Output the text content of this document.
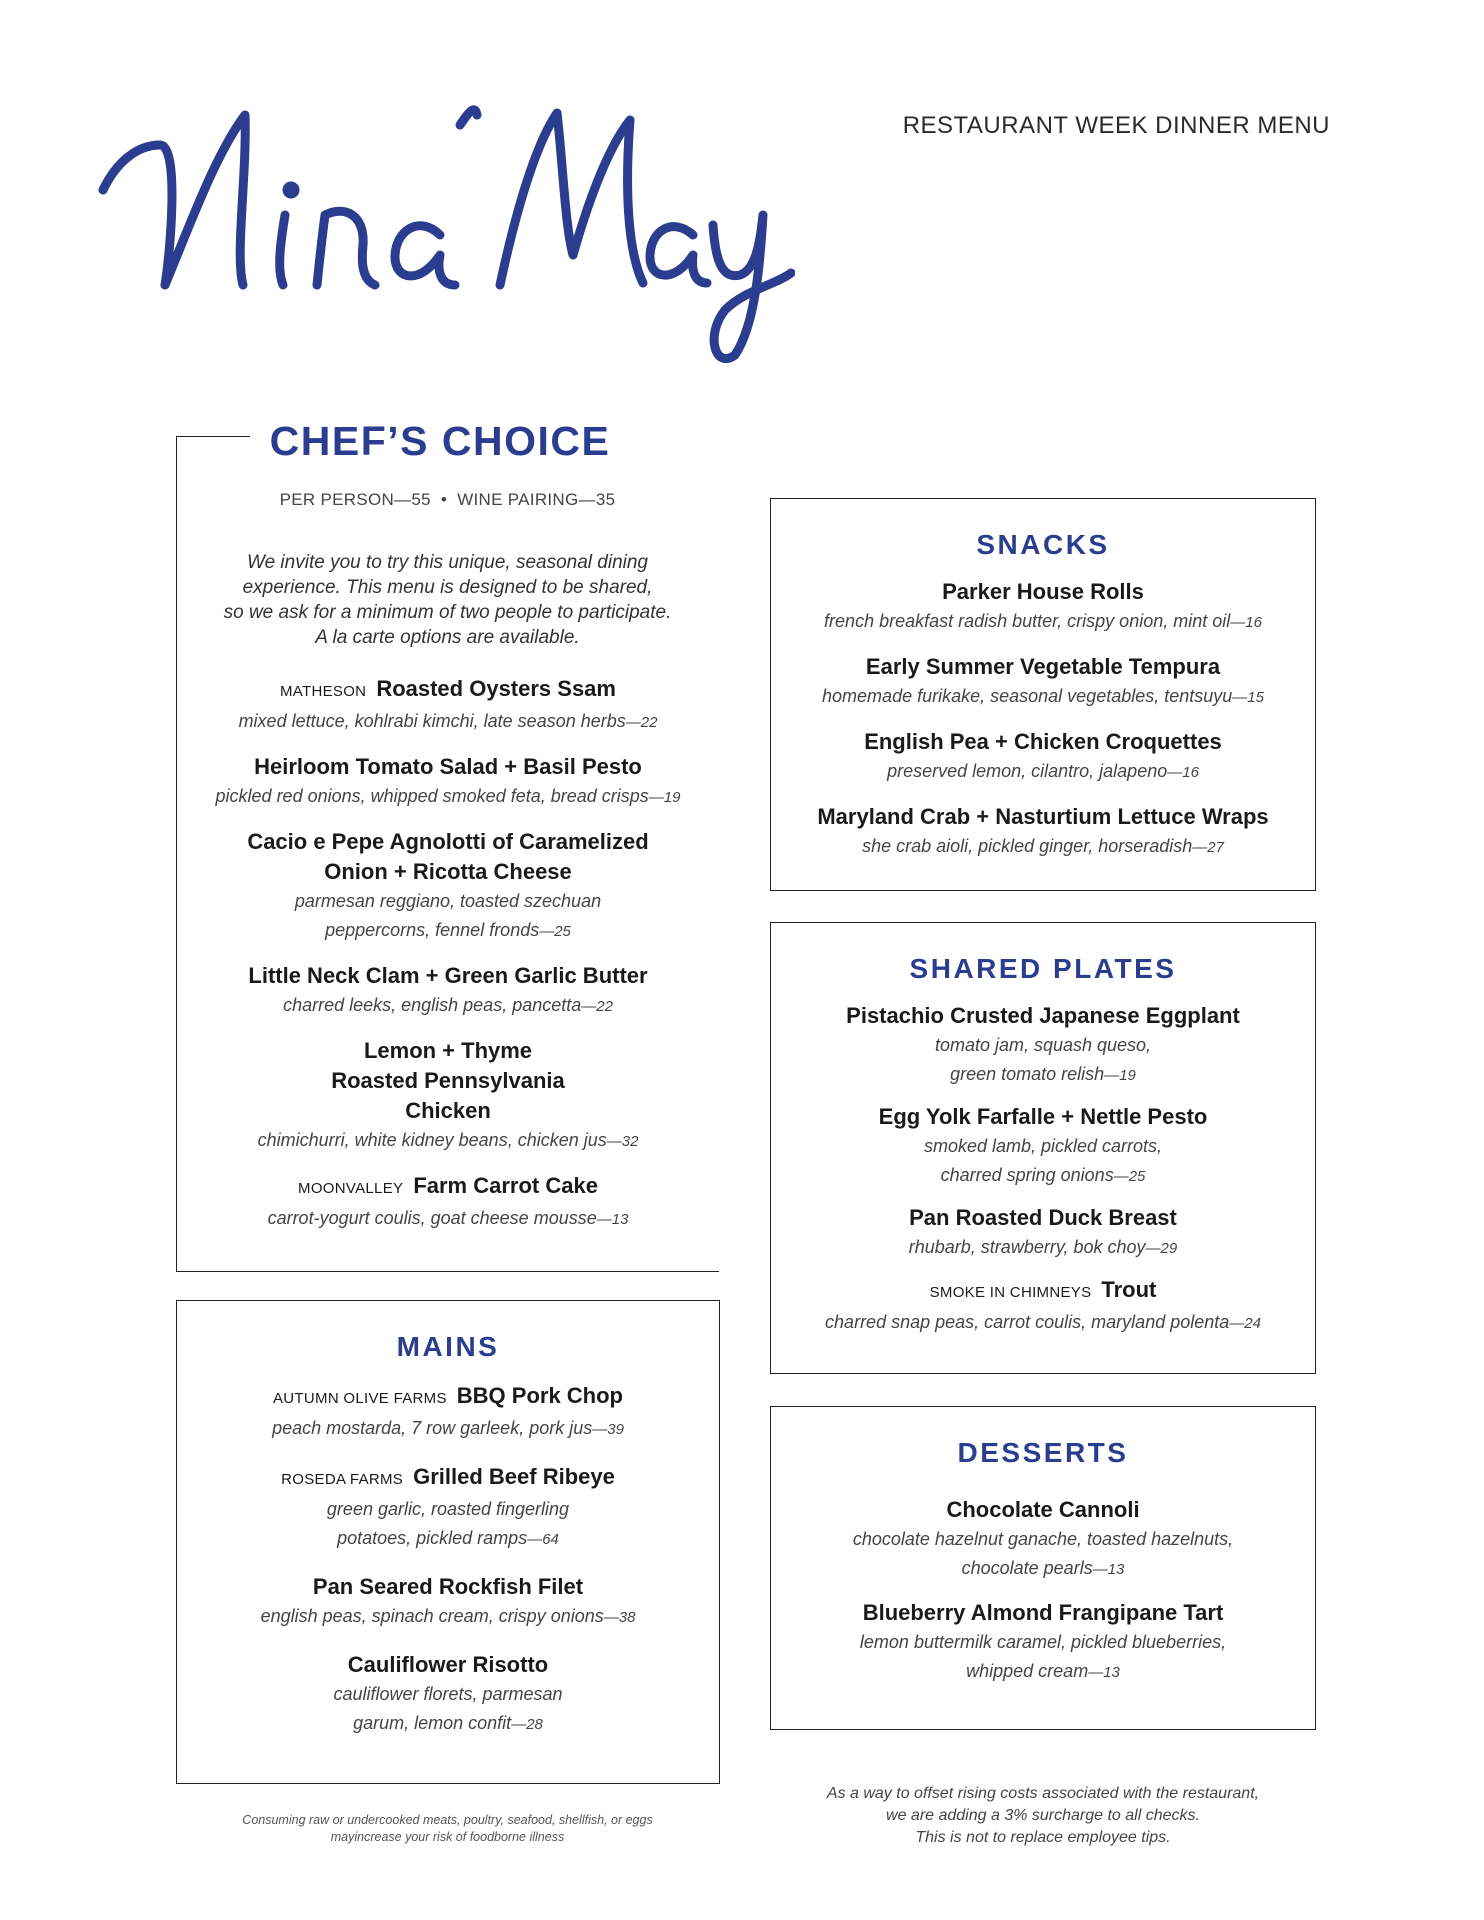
RESTAURANT WEEK DINNER MENU
MATHESON Roasted Oysters Ssam
mixed lettuce, kohlrabi kimchi, late season herbs—22
Heirloom Tomato Salad + Basil Pesto
pickled red onions, whipped smoked feta, bread crisps—19
Cacio e Pepe Agnolotti of Caramelized Onion + Ricotta Cheese
parmesan reggiano, toasted szechuan peppercorns, fennel fronds—25
Little Neck Clam + Green Garlic Butter
charred leeks, english peas, pancetta—22
Lemon + Thyme Roasted Pennsylvania Chicken
chimichurri, white kidney beans, chicken jus—32
MOONVALLEY Farm Carrot Cake
carrot-yogurt coulis, goat cheese mousse—13
CHEF’S CHOICE
PER PERSON—55 • WINE PAIRING—35
We invite you to try this unique, seasonal dining
experience. This menu is designed to be shared,
so we ask for a minimum of two people to participate.
A la carte options are available.
MAINS
AUTUMN OLIVE FARMS BBQ Pork Chop
peach mostarda, 7 row garleek, pork jus—39
ROSEDA FARMS Grilled Beef Ribeye
green garlic, roasted fingerling potatoes, pickled ramps—64
Pan Seared Rockfish Filet
english peas, spinach cream, crispy onions—38
Cauliflower Risotto
cauliflower florets, parmesan garum, lemon confit—28
SNACKS
Parker House Rolls
french breakfast radish butter, crispy onion, mint oil—16
Early Summer Vegetable Tempura
homemade furikake, seasonal vegetables, tentsuyu—15
English Pea + Chicken Croquettes
preserved lemon, cilantro, jalapeno—16
Maryland Crab + Nasturtium Lettuce Wraps
she crab aioli, pickled ginger, horseradish—27
SHARED PLATES
Pistachio Crusted Japanese Eggplant
tomato jam, squash queso, green tomato relish—19
Egg Yolk Farfalle + Nettle Pesto
smoked lamb, pickled carrots, charred spring onions—25
Pan Roasted Duck Breast
rhubarb, strawberry, bok choy—29
SMOKE IN CHIMNEYS Trout
charred snap peas, carrot coulis, maryland polenta—24
DESSERTS
Chocolate Cannoli
chocolate hazelnut ganache, toasted hazelnuts, chocolate pearls—13
Blueberry Almond Frangipane Tart
lemon buttermilk caramel, pickled blueberries, whipped cream—13
Consuming raw or undercooked meats, poultry, seafood, shellfish, or eggs
mayincrease your risk of foodborne illness
As a way to offset rising costs associated with the restaurant,
we are adding a 3% surcharge to all checks.
This is not to replace employee tips.
